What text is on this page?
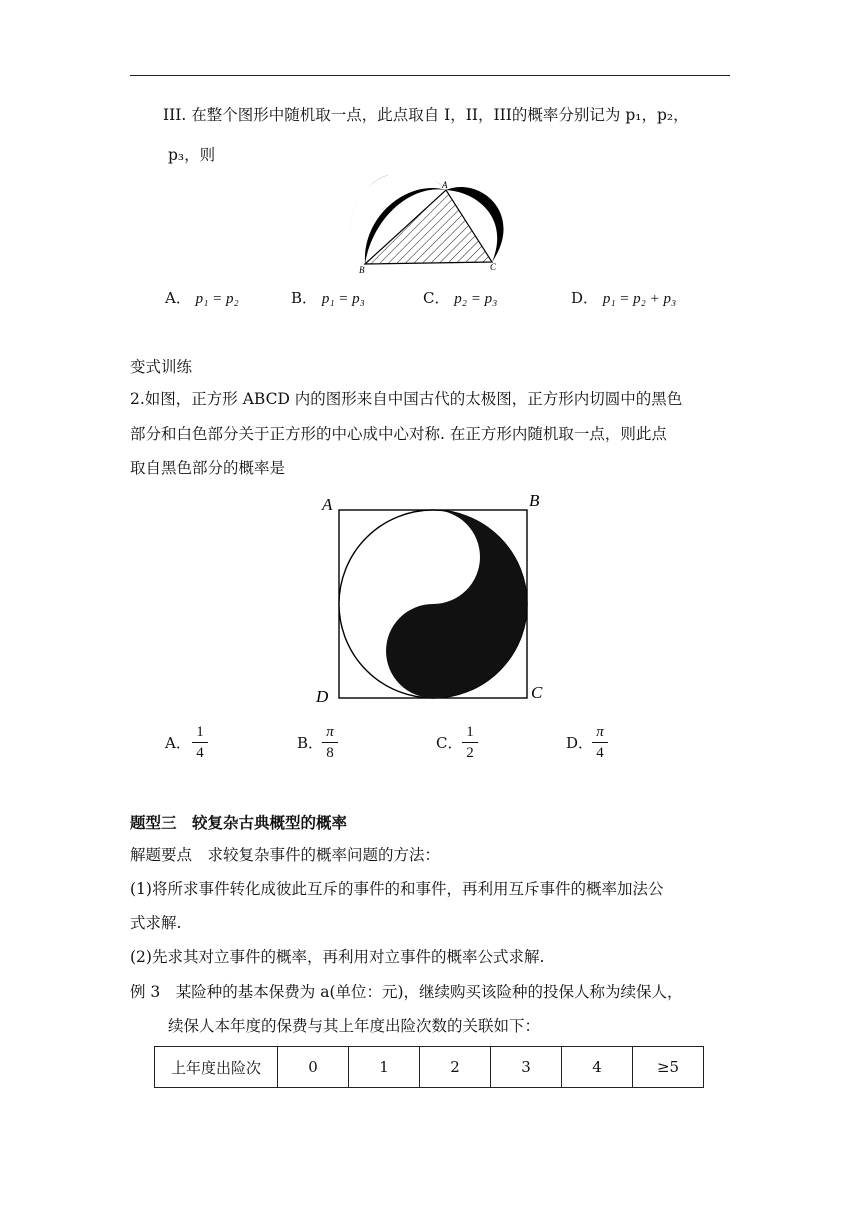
III. 在整个图形中随机取一点，此点取自 I，II，III的概率分别记为 p₁，p₂，
p₃，则
A
B	C
A． p₁ = p₂	B． p₁ = p₃	C． p₂ = p₃	D． p₁ = p₂ + p₃
变式训练
2.如图，正方形 ABCD 内的图形来自中国古代的太极图，正方形内切圆中的黑色
部分和白色部分关于正方形的中心成中心对称. 在正方形内随机取一点，则此点
取自黑色部分的概率是
A	B
C
D
A．
1
4
B．
π
8
C．
1
2
D．
π
4
题型三　较复杂古典概型的概率
解题要点　求较复杂事件的概率问题的方法：
(1)将所求事件转化成彼此互斥的事件的和事件，再利用互斥事件的概率加法公
式求解.
(2)先求其对立事件的概率，再利用对立事件的概率公式求解.
例 3　某险种的基本保费为 a(单位：元)，继续购买该险种的投保人称为续保人，
续保人本年度的保费与其上年度出险次数的关联如下：
上年度出险次	0	1	2	3	4	≥5
